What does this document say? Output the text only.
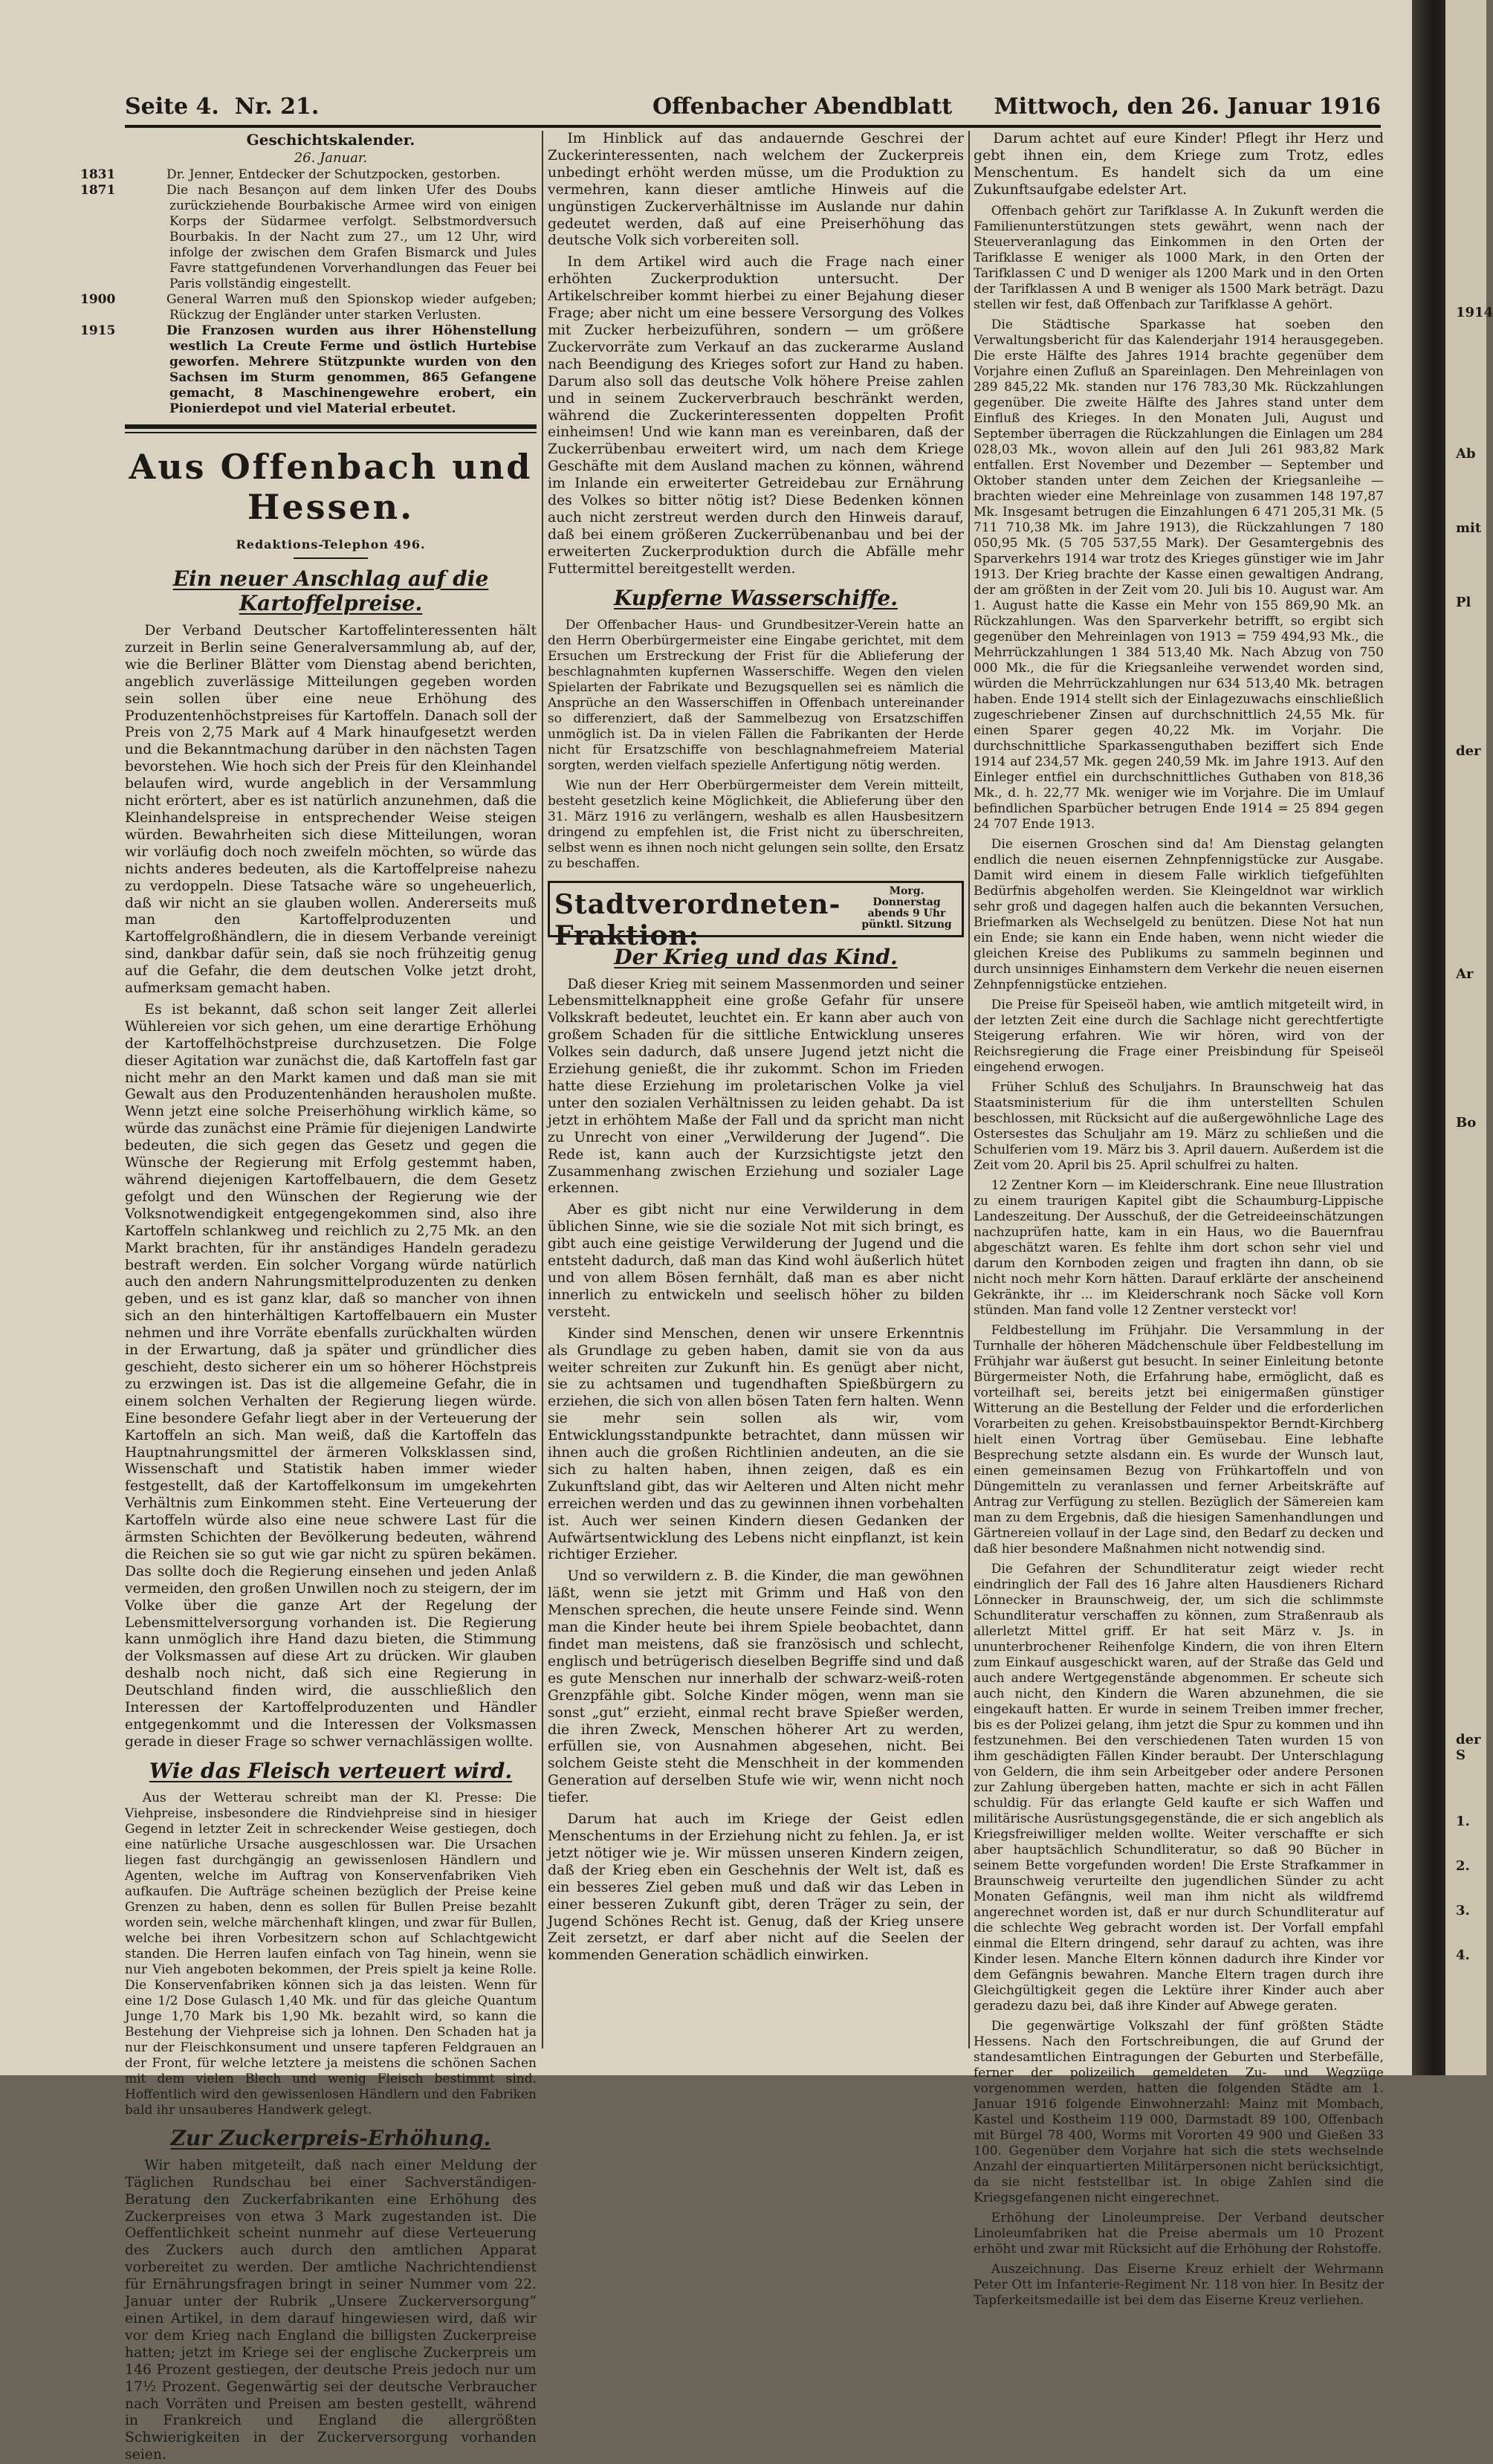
Seite 4. Nr. 21.	Offenbacher Abendblatt Mittwoch, den 26. Januar 1916
Geschichtskalender.
26. Januar.

1831	Dr. Jenner, Entdecker der Schutzpocken, gestorben.

1871	Die nach Besançon auf dem linken Ufer des Doubs zurückziehende Bourbakische Armee wird von einigen Korps der Südarmee verfolgt. Selbstmordversuch Bourbakis. In der Nacht zum 27., um 12 Uhr, wird infolge der zwischen dem Grafen Bismarck und Jules Favre stattgefundenen Vorverhandlungen das Feuer bei Paris vollständig eingestellt.

1900	General Warren muß den Spionskop wieder aufgeben; Rückzug der Engländer unter starken Verlusten.

1915	Die Franzosen wurden aus ihrer Höhenstellung westlich La Creute Ferme und östlich Hurtebise geworfen. Mehrere Stützpunkte wurden von den Sachsen im Sturm genommen, 865 Gefangene gemacht, 8 Maschinengewehre erobert, ein Pionierdepot und viel Material erbeutet.

Aus Offenbach und Hessen.
Redaktions-Telephon 496.
Ein neuer Anschlag auf die Kartoffelpreise.

Der Verband Deutscher Kartoffelinteressenten hält zurzeit in Berlin seine Generalversammlung ab, auf der, wie die Berliner Blätter vom Dienstag abend berichten, angeblich zuverlässige Mitteilungen gegeben worden sein sollen über eine neue Erhöhung des Produzentenhöchstpreises für Kartoffeln. Danach soll der Preis von 2,75 Mark auf 4 Mark hinaufgesetzt werden und die Bekanntmachung darüber in den nächsten Tagen bevorstehen. Wie hoch sich der Preis für den Kleinhandel belaufen wird, wurde angeblich in der Versammlung nicht erörtert, aber es ist natürlich anzunehmen, daß die Kleinhandelspreise in entsprechender Weise steigen würden. Bewahrheiten sich diese Mitteilungen, woran wir vorläufig doch noch zweifeln möchten, so würde das nichts anderes bedeuten, als die Kartoffelpreise nahezu zu verdoppeln. Diese Tatsache wäre so ungeheuerlich, daß wir nicht an sie glauben wollen. Andererseits muß man den Kartoffelproduzenten und Kartoffelgroßhändlern, die in diesem Verbande vereinigt sind, dankbar dafür sein, daß sie noch frühzeitig genug auf die Gefahr, die dem deutschen Volke jetzt droht, aufmerksam gemacht haben.

Es ist bekannt, daß schon seit langer Zeit allerlei Wühlereien vor sich gehen, um eine derartige Erhöhung der Kartoffelhöchstpreise durchzusetzen. Die Folge dieser Agitation war zunächst die, daß Kartoffeln fast gar nicht mehr an den Markt kamen und daß man sie mit Gewalt aus den Produzentenhänden herausholen mußte. Wenn jetzt eine solche Preiserhöhung wirklich käme, so würde das zunächst eine Prämie für diejenigen Landwirte bedeuten, die sich gegen das Gesetz und gegen die Wünsche der Regierung mit Erfolg gestemmt haben, während diejenigen Kartoffelbauern, die dem Gesetz gefolgt und den Wünschen der Regierung wie der Volksnotwendigkeit entgegengekommen sind, also ihre Kartoffeln schlankweg und reichlich zu 2,75 Mk. an den Markt brachten, für ihr anständiges Handeln geradezu bestraft werden. Ein solcher Vorgang würde natürlich auch den andern Nahrungsmittelproduzenten zu denken geben, und es ist ganz klar, daß so mancher von ihnen sich an den hinterhältigen Kartoffelbauern ein Muster nehmen und ihre Vorräte ebenfalls zurückhalten würden in der Erwartung, daß ja später und gründlicher dies geschieht, desto sicherer ein um so höherer Höchstpreis zu erzwingen ist. Das ist die allgemeine Gefahr, die in einem solchen Verhalten der Regierung liegen würde. Eine besondere Gefahr liegt aber in der Verteuerung der Kartoffeln an sich. Man weiß, daß die Kartoffeln das Hauptnahrungsmittel der ärmeren Volksklassen sind, Wissenschaft und Statistik haben immer wieder festgestellt, daß der Kartoffelkonsum im umgekehrten Verhältnis zum Einkommen steht. Eine Verteuerung der Kartoffeln würde also eine neue schwere Last für die ärmsten Schichten der Bevölkerung bedeuten, während die Reichen sie so gut wie gar nicht zu spüren bekämen. Das sollte doch die Regierung einsehen und jeden Anlaß vermeiden, den großen Unwillen noch zu steigern, der im Volke über die ganze Art der Regelung der Lebensmittelversorgung vorhanden ist. Die Regierung kann unmöglich ihre Hand dazu bieten, die Stimmung der Volksmassen auf diese Art zu drücken. Wir glauben deshalb noch nicht, daß sich eine Regierung in Deutschland finden wird, die ausschließlich den Interessen der Kartoffelproduzenten und Händler entgegenkommt und die Interessen der Volksmassen gerade in dieser Frage so schwer vernachlässigen wollte.

Wie das Fleisch verteuert wird.

Aus der Wetterau schreibt man der Kl. Presse: Die Viehpreise, insbesondere die Rindviehpreise sind in hiesiger Gegend in letzter Zeit in schreckender Weise gestiegen, doch eine natürliche Ursache ausgeschlossen war. Die Ursachen liegen fast durchgängig an gewissenlosen Händlern und Agenten, welche im Auftrag von Konservenfabriken Vieh aufkaufen. Die Aufträge scheinen bezüglich der Preise keine Grenzen zu haben, denn es sollen für Bullen Preise bezahlt worden sein, welche märchenhaft klingen, und zwar für Bullen, welche bei ihren Vorbesitzern schon auf Schlachtgewicht standen. Die Herren laufen einfach von Tag hinein, wenn sie nur Vieh angeboten bekommen, der Preis spielt ja keine Rolle. Die Konservenfabriken können sich ja das leisten. Wenn für eine 1/2 Dose Gulasch 1,40 Mk. und für das gleiche Quantum Junge 1,70 Mark bis 1,90 Mk. bezahlt wird, so kann die Bestehung der Viehpreise sich ja lohnen. Den Schaden hat ja nur der Fleischkonsument und unsere tapferen Feldgrauen an der Front, für welche letztere ja meistens die schönen Sachen mit dem vielen Blech und wenig Fleisch bestimmt sind. Hoffentlich wird den gewissenlosen Händlern und den Fabriken bald ihr unsauberes Handwerk gelegt.

Zur Zuckerpreis-Erhöhung.

Wir haben mitgeteilt, daß nach einer Meldung der Täglichen Rundschau bei einer Sachverständigen-Beratung den Zuckerfabrikanten eine Erhöhung des Zuckerpreises von etwa 3 Mark zugestanden ist. Die Oeffentlichkeit scheint nunmehr auf diese Verteuerung des Zuckers auch durch den amtlichen Apparat vorbereitet zu werden. Der amtliche Nachrichtendienst für Ernährungsfragen bringt in seiner Nummer vom 22. Januar unter der Rubrik „Unsere Zuckerversorgung“ einen Artikel, in dem darauf hingewiesen wird, daß wir vor dem Krieg nach England die billigsten Zuckerpreise hatten; jetzt im Kriege sei der englische Zuckerpreis um 146 Prozent gestiegen, der deutsche Preis jedoch nur um 17½ Prozent. Gegenwärtig sei der deutsche Verbraucher nach Vorräten und Preisen am besten gestellt, während in Frankreich und England die allergrößten Schwierigkeiten in der Zuckerversorgung vorhanden seien.

Im Hinblick auf das andauernde Geschrei der Zuckerinteressenten, nach welchem der Zuckerpreis unbedingt erhöht werden müsse, um die Produktion zu vermehren, kann dieser amtliche Hinweis auf die ungünstigen Zuckerverhältnisse im Auslande nur dahin gedeutet werden, daß auf eine Preiserhöhung das deutsche Volk sich vorbereiten soll.

In dem Artikel wird auch die Frage nach einer erhöhten Zuckerproduktion untersucht. Der Artikelschreiber kommt hierbei zu einer Bejahung dieser Frage; aber nicht um eine bessere Versorgung des Volkes mit Zucker herbeizuführen, sondern — um größere Zuckervorräte zum Verkauf an das zuckerarme Ausland nach Beendigung des Krieges sofort zur Hand zu haben. Darum also soll das deutsche Volk höhere Preise zahlen und in seinem Zuckerverbrauch beschränkt werden, während die Zuckerinteressenten doppelten Profit einheimsen! Und wie kann man es vereinbaren, daß der Zuckerrübenbau erweitert wird, um nach dem Kriege Geschäfte mit dem Ausland machen zu können, während im Inlande ein erweiterter Getreidebau zur Ernährung des Volkes so bitter nötig ist? Diese Bedenken können auch nicht zerstreut werden durch den Hinweis darauf, daß bei einem größeren Zuckerrübenanbau und bei der erweiterten Zuckerproduktion durch die Abfälle mehr Futtermittel bereitgestellt werden.

Kupferne Wasserschiffe.

Der Offenbacher Haus- und Grundbesitzer-Verein hatte an den Herrn Oberbürgermeister eine Eingabe gerichtet, mit dem Ersuchen um Erstreckung der Frist für die Ablieferung der beschlagnahmten kupfernen Wasserschiffe. Wegen den vielen Spielarten der Fabrikate und Bezugsquellen sei es nämlich die Ansprüche an den Wasserschiffen in Offenbach untereinander so differenziert, daß der Sammelbezug von Ersatzschiffen unmöglich ist. Da in vielen Fällen die Fabrikanten der Herde nicht für Ersatzschiffe von beschlagnahmefreiem Material sorgten, werden vielfach spezielle Anfertigung nötig werden.

Wie nun der Herr Oberbürgermeister dem Verein mitteilt, besteht gesetzlich keine Möglichkeit, die Ablieferung über den 31. März 1916 zu verlängern, weshalb es allen Hausbesitzern dringend zu empfehlen ist, die Frist nicht zu überschreiten, selbst wenn es ihnen noch nicht gelungen sein sollte, den Ersatz zu beschaffen.

Stadtverordneten-Fraktion:
Morg. Donnerstag abends 9 Uhr pünktl. Sitzung
Der Krieg und das Kind.

Daß dieser Krieg mit seinem Massenmorden und seiner Lebensmittelknappheit eine große Gefahr für unsere Volkskraft bedeutet, leuchtet ein. Er kann aber auch von großem Schaden für die sittliche Entwicklung unseres Volkes sein dadurch, daß unsere Jugend jetzt nicht die Erziehung genießt, die ihr zukommt. Schon im Frieden hatte diese Erziehung im proletarischen Volke ja viel unter den sozialen Verhältnissen zu leiden gehabt. Da ist jetzt in erhöhtem Maße der Fall und da spricht man nicht zu Unrecht von einer „Verwilderung der Jugend“. Die Rede ist, kann auch der Kurzsichtigste jetzt den Zusammenhang zwischen Erziehung und sozialer Lage erkennen.

Aber es gibt nicht nur eine Verwilderung in dem üblichen Sinne, wie sie die soziale Not mit sich bringt, es gibt auch eine geistige Verwilderung der Jugend und die entsteht dadurch, daß man das Kind wohl äußerlich hütet und von allem Bösen fernhält, daß man es aber nicht innerlich zu entwickeln und seelisch höher zu bilden versteht.

Kinder sind Menschen, denen wir unsere Erkenntnis als Grundlage zu geben haben, damit sie von da aus weiter schreiten zur Zukunft hin. Es genügt aber nicht, sie zu achtsamen und tugendhaften Spießbürgern zu erziehen, die sich von allen bösen Taten fern halten. Wenn sie mehr sein sollen als wir, vom Entwicklungsstandpunkte betrachtet, dann müssen wir ihnen auch die großen Richtlinien andeuten, an die sie sich zu halten haben, ihnen zeigen, daß es ein Zukunftsland gibt, das wir Aelteren und Alten nicht mehr erreichen werden und das zu gewinnen ihnen vorbehalten ist. Auch wer seinen Kindern diesen Gedanken der Aufwärtsentwicklung des Lebens nicht einpflanzt, ist kein richtiger Erzieher.

Und so verwildern z. B. die Kinder, die man gewöhnen läßt, wenn sie jetzt mit Grimm und Haß von den Menschen sprechen, die heute unsere Feinde sind. Wenn man die Kinder heute bei ihrem Spiele beobachtet, dann findet man meistens, daß sie französisch und schlecht, englisch und betrügerisch dieselben Begriffe sind und daß es gute Menschen nur innerhalb der schwarz-weiß-roten Grenzpfähle gibt. Solche Kinder mögen, wenn man sie sonst „gut“ erzieht, einmal recht brave Spießer werden, die ihren Zweck, Menschen höherer Art zu werden, erfüllen sie, von Ausnahmen abgesehen, nicht. Bei solchem Geiste steht die Menschheit in der kommenden Generation auf derselben Stufe wie wir, wenn nicht noch tiefer.

Darum hat auch im Kriege der Geist edlen Menschentums in der Erziehung nicht zu fehlen. Ja, er ist jetzt nötiger wie je. Wir müssen unseren Kindern zeigen, daß der Krieg eben ein Geschehnis der Welt ist, daß es ein besseres Ziel geben muß und daß wir das Leben in einer besseren Zukunft gibt, deren Träger zu sein, der Jugend Schönes Recht ist. Genug, daß der Krieg unsere Zeit zersetzt, er darf aber nicht auf die Seelen der kommenden Generation schädlich einwirken.

Darum achtet auf eure Kinder! Pflegt ihr Herz und gebt ihnen ein, dem Kriege zum Trotz, edles Menschentum. Es handelt sich da um eine Zukunftsaufgabe edelster Art.

Offenbach gehört zur Tarifklasse A. In Zukunft werden die Familienunterstützungen stets gewährt, wenn nach der Steuerveranlagung das Einkommen in den Orten der Tarifklasse E weniger als 1000 Mark, in den Orten der Tarifklassen C und D weniger als 1200 Mark und in den Orten der Tarifklassen A und B weniger als 1500 Mark beträgt. Dazu stellen wir fest, daß Offenbach zur Tarifklasse A gehört.

Die Städtische Sparkasse hat soeben den Verwaltungsbericht für das Kalenderjahr 1914 herausgegeben. Die erste Hälfte des Jahres 1914 brachte gegenüber dem Vorjahre einen Zufluß an Spareinlagen. Den Mehreinlagen von 289 845,22 Mk. standen nur 176 783,30 Mk. Rückzahlungen gegenüber. Die zweite Hälfte des Jahres stand unter dem Einfluß des Krieges. In den Monaten Juli, August und September überragen die Rückzahlungen die Einlagen um 284 028,03 Mk., wovon allein auf den Juli 261 983,82 Mark entfallen. Erst November und Dezember — September und Oktober standen unter dem Zeichen der Kriegsanleihe — brachten wieder eine Mehreinlage von zusammen 148 197,87 Mk. Insgesamt betrugen die Einzahlungen 6 471 205,31 Mk. (5 711 710,38 Mk. im Jahre 1913), die Rückzahlungen 7 180 050,95 Mk. (5 705 537,55 Mark). Der Gesamtergebnis des Sparverkehrs 1914 war trotz des Krieges günstiger wie im Jahr 1913. Der Krieg brachte der Kasse einen gewaltigen Andrang, der am größten in der Zeit vom 20. Juli bis 10. August war. Am 1. August hatte die Kasse ein Mehr von 155 869,90 Mk. an Rückzahlungen. Was den Sparverkehr betrifft, so ergibt sich gegenüber den Mehreinlagen von 1913 = 759 494,93 Mk., die Mehrrückzahlungen 1 384 513,40 Mk. Nach Abzug von 750 000 Mk., die für die Kriegsanleihe verwendet worden sind, würden die Mehrrückzahlungen nur 634 513,40 Mk. betragen haben. Ende 1914 stellt sich der Einlagezuwachs einschließlich zugeschriebener Zinsen auf durchschnittlich 24,55 Mk. für einen Sparer gegen 40,22 Mk. im Vorjahr. Die durchschnittliche Sparkassenguthaben beziffert sich Ende 1914 auf 234,57 Mk. gegen 240,59 Mk. im Jahre 1913. Auf den Einleger entfiel ein durchschnittliches Guthaben von 818,36 Mk., d. h. 22,77 Mk. weniger wie im Vorjahre. Die im Umlauf befindlichen Sparbücher betrugen Ende 1914 = 25 894 gegen 24 707 Ende 1913.

Die eisernen Groschen sind da! Am Dienstag gelangten endlich die neuen eisernen Zehnpfennigstücke zur Ausgabe. Damit wird einem in diesem Falle wirklich tiefgefühlten Bedürfnis abgeholfen werden. Sie Kleingeldnot war wirklich sehr groß und dagegen halfen auch die bekannten Versuchen, Briefmarken als Wechselgeld zu benützen. Diese Not hat nun ein Ende; sie kann ein Ende haben, wenn nicht wieder die gleichen Kreise des Publikums zu sammeln beginnen und durch unsinniges Einhamstern dem Verkehr die neuen eisernen Zehnpfennigstücke entziehen.

Die Preise für Speiseöl haben, wie amtlich mitgeteilt wird, in der letzten Zeit eine durch die Sachlage nicht gerechtfertigte Steigerung erfahren. Wie wir hören, wird von der Reichsregierung die Frage einer Preisbindung für Speiseöl eingehend erwogen.

Früher Schluß des Schuljahrs. In Braunschweig hat das Staatsministerium für die ihm unterstellten Schulen beschlossen, mit Rücksicht auf die außergewöhnliche Lage des Ostersestes das Schuljahr am 19. März zu schließen und die Schulferien vom 19. März bis 3. April dauern. Außerdem ist die Zeit vom 20. April bis 25. April schulfrei zu halten.

12 Zentner Korn — im Kleiderschrank. Eine neue Illustration zu einem traurigen Kapitel gibt die Schaumburg-Lippische Landeszeitung. Der Ausschuß, der die Getreideeinschätzungen nachzuprüfen hatte, kam in ein Haus, wo die Bauernfrau abgeschätzt waren. Es fehlte ihm dort schon sehr viel und darum den Kornboden zeigen und fragten ihn dann, ob sie nicht noch mehr Korn hätten. Darauf erklärte der anscheinend Gekränkte, ihr ... im Kleiderschrank noch Säcke voll Korn stünden. Man fand volle 12 Zentner versteckt vor!

Feldbestellung im Frühjahr. Die Versammlung in der Turnhalle der höheren Mädchenschule über Feldbestellung im Frühjahr war äußerst gut besucht. In seiner Einleitung betonte Bürgermeister Noth, die Erfahrung habe, ermöglicht, daß es vorteilhaft sei, bereits jetzt bei einigermaßen günstiger Witterung an die Bestellung der Felder und die erforderlichen Vorarbeiten zu gehen. Kreisobstbauinspektor Berndt-Kirchberg hielt einen Vortrag über Gemüsebau. Eine lebhafte Besprechung setzte alsdann ein. Es wurde der Wunsch laut, einen gemeinsamen Bezug von Frühkartoffeln und von Düngemitteln zu veranlassen und ferner Arbeitskräfte auf Antrag zur Verfügung zu stellen. Bezüglich der Sämereien kam man zu dem Ergebnis, daß die hiesigen Samenhandlungen und Gärtnereien vollauf in der Lage sind, den Bedarf zu decken und daß hier besondere Maßnahmen nicht notwendig sind.

Die Gefahren der Schundliteratur zeigt wieder recht eindringlich der Fall des 16 Jahre alten Hausdieners Richard Lönnecker in Braunschweig, der, um sich die schlimmste Schundliteratur verschaffen zu können, zum Straßenraub als allerletzt Mittel griff. Er hat seit März v. Js. in ununterbrochener Reihenfolge Kindern, die von ihren Eltern zum Einkauf ausgeschickt waren, auf der Straße das Geld und auch andere Wertgegenstände abgenommen. Er scheute sich auch nicht, den Kindern die Waren abzunehmen, die sie eingekauft hatten. Er wurde in seinem Treiben immer frecher, bis es der Polizei gelang, ihm jetzt die Spur zu kommen und ihn festzunehmen. Bei den verschiedenen Taten wurden 15 von ihm geschädigten Fällen Kinder beraubt. Der Unterschlagung von Geldern, die ihm sein Arbeitgeber oder andere Personen zur Zahlung übergeben hatten, machte er sich in acht Fällen schuldig. Für das erlangte Geld kaufte er sich Waffen und militärische Ausrüstungsgegenstände, die er sich angeblich als Kriegsfreiwilliger melden wollte. Weiter verschaffte er sich aber hauptsächlich Schundliteratur, so daß 90 Bücher in seinem Bette vorgefunden worden! Die Erste Strafkammer in Braunschweig verurteilte den jugendlichen Sünder zu acht Monaten Gefängnis, weil man ihm nicht als wildfremd angerechnet worden ist, daß er nur durch Schundliteratur auf die schlechte Weg gebracht worden ist. Der Vorfall empfahl einmal die Eltern dringend, sehr darauf zu achten, was ihre Kinder lesen. Manche Eltern können dadurch ihre Kinder vor dem Gefängnis bewahren. Manche Eltern tragen durch ihre Gleichgültigkeit gegen die Lektüre ihrer Kinder auch aber geradezu dazu bei, daß ihre Kinder auf Abwege geraten.

Die gegenwärtige Volkszahl der fünf größten Städte Hessens. Nach den Fortschreibungen, die auf Grund der standesamtlichen Eintragungen der Geburten und Sterbefälle, ferner der polizeilich gemeldeten Zu- und Wegzüge vorgenommen werden, hatten die folgenden Städte am 1. Januar 1916 folgende Einwohnerzahl: Mainz mit Mombach, Kastel und Kostheim 119 000, Darmstadt 89 100, Offenbach mit Bürgel 78 400, Worms mit Vororten 49 900 und Gießen 33 100. Gegenüber dem Vorjahre hat sich die stets wechselnde Anzahl der einquartierten Militärpersonen nicht berücksichtigt, da sie nicht feststellbar ist. In obige Zahlen sind die Kriegsgefangenen nicht eingerechnet.

Erhöhung der Linoleumpreise. Der Verband deutscher Linoleumfabriken hat die Preise abermals um 10 Prozent erhöht und zwar mit Rücksicht auf die Erhöhung der Rohstoffe.

Auszeichnung. Das Eiserne Kreuz erhielt der Wehrmann Peter Ott im Infanterie-Regiment Nr. 118 von hier. In Besitz der Tapferkeitsmedaille ist bei dem das Eiserne Kreuz verliehen.

1914
Ab
mit
Pl
der
Ar
Bo
1.
2.
3.
4.
der S
